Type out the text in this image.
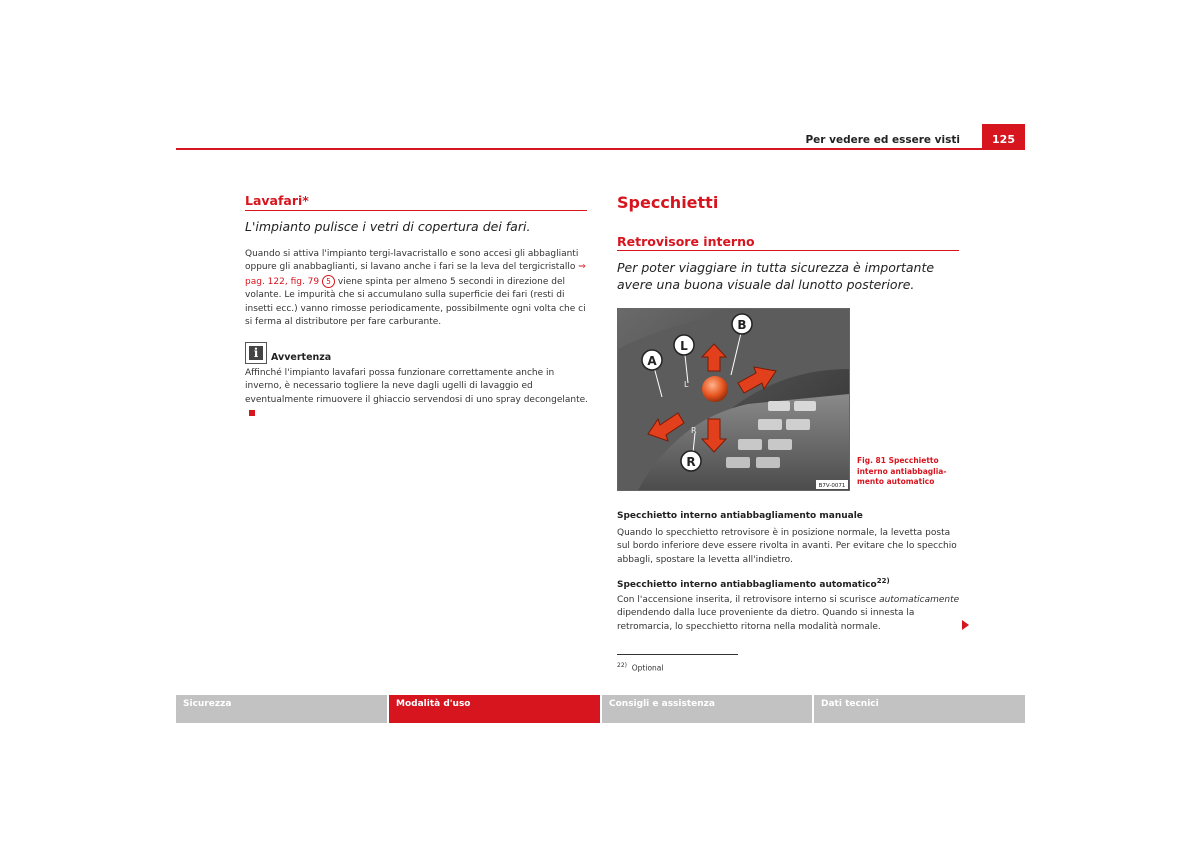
Per vedere ed essere visti	125
Lavafari*
L'impianto pulisce i vetri di copertura dei fari.
Quando si attiva l'impianto tergi-lavacristallo e sono accesi gli abbaglianti oppure gli anabbaglianti, si lavano anche i fari se la leva del tergicristallo ⇒ pag. 122, fig. 79 5 viene spinta per almeno 5 secondi in direzione del volante. Le impurità che si accumulano sulla superficie dei fari (resti di insetti ecc.) vanno rimosse periodicamente, possibilmente ogni volta che ci si ferma al distributore per fare carburante.
i	Avvertenza
Affinché l'impianto lavafari possa funzionare correttamente anche in inverno, è necessario togliere la neve dagli ugelli di lavaggio ed eventualmente rimuovere il ghiaccio servendosi di uno spray decongelante.
Specchietti
Retrovisore interno
Per poter viaggiare in tutta sicurezza è importante avere una buona visuale dal lunotto posteriore.
L
R
A
L
B
R
B7V-0071
Fig. 81 Specchietto
interno antiabbaglia-
mento automatico
Specchietto interno antiabbagliamento manuale
Quando lo specchietto retrovisore è in posizione normale, la levetta posta sul bordo inferiore deve essere rivolta in avanti. Per evitare che lo specchio abbagli, spostare la levetta all'indietro.
Specchietto interno antiabbagliamento automatico$^{22)}$
Con l'accensione inserita, il retrovisore interno si scurisce automaticamente dipendendo dalla luce proveniente da dietro. Quando si innesta la retromarcia, lo specchietto ritorna nella modalità normale.
$^{22)}$ Optional
Sicurezza	Modalità d'uso	Consigli e assistenza	Dati tecnici
